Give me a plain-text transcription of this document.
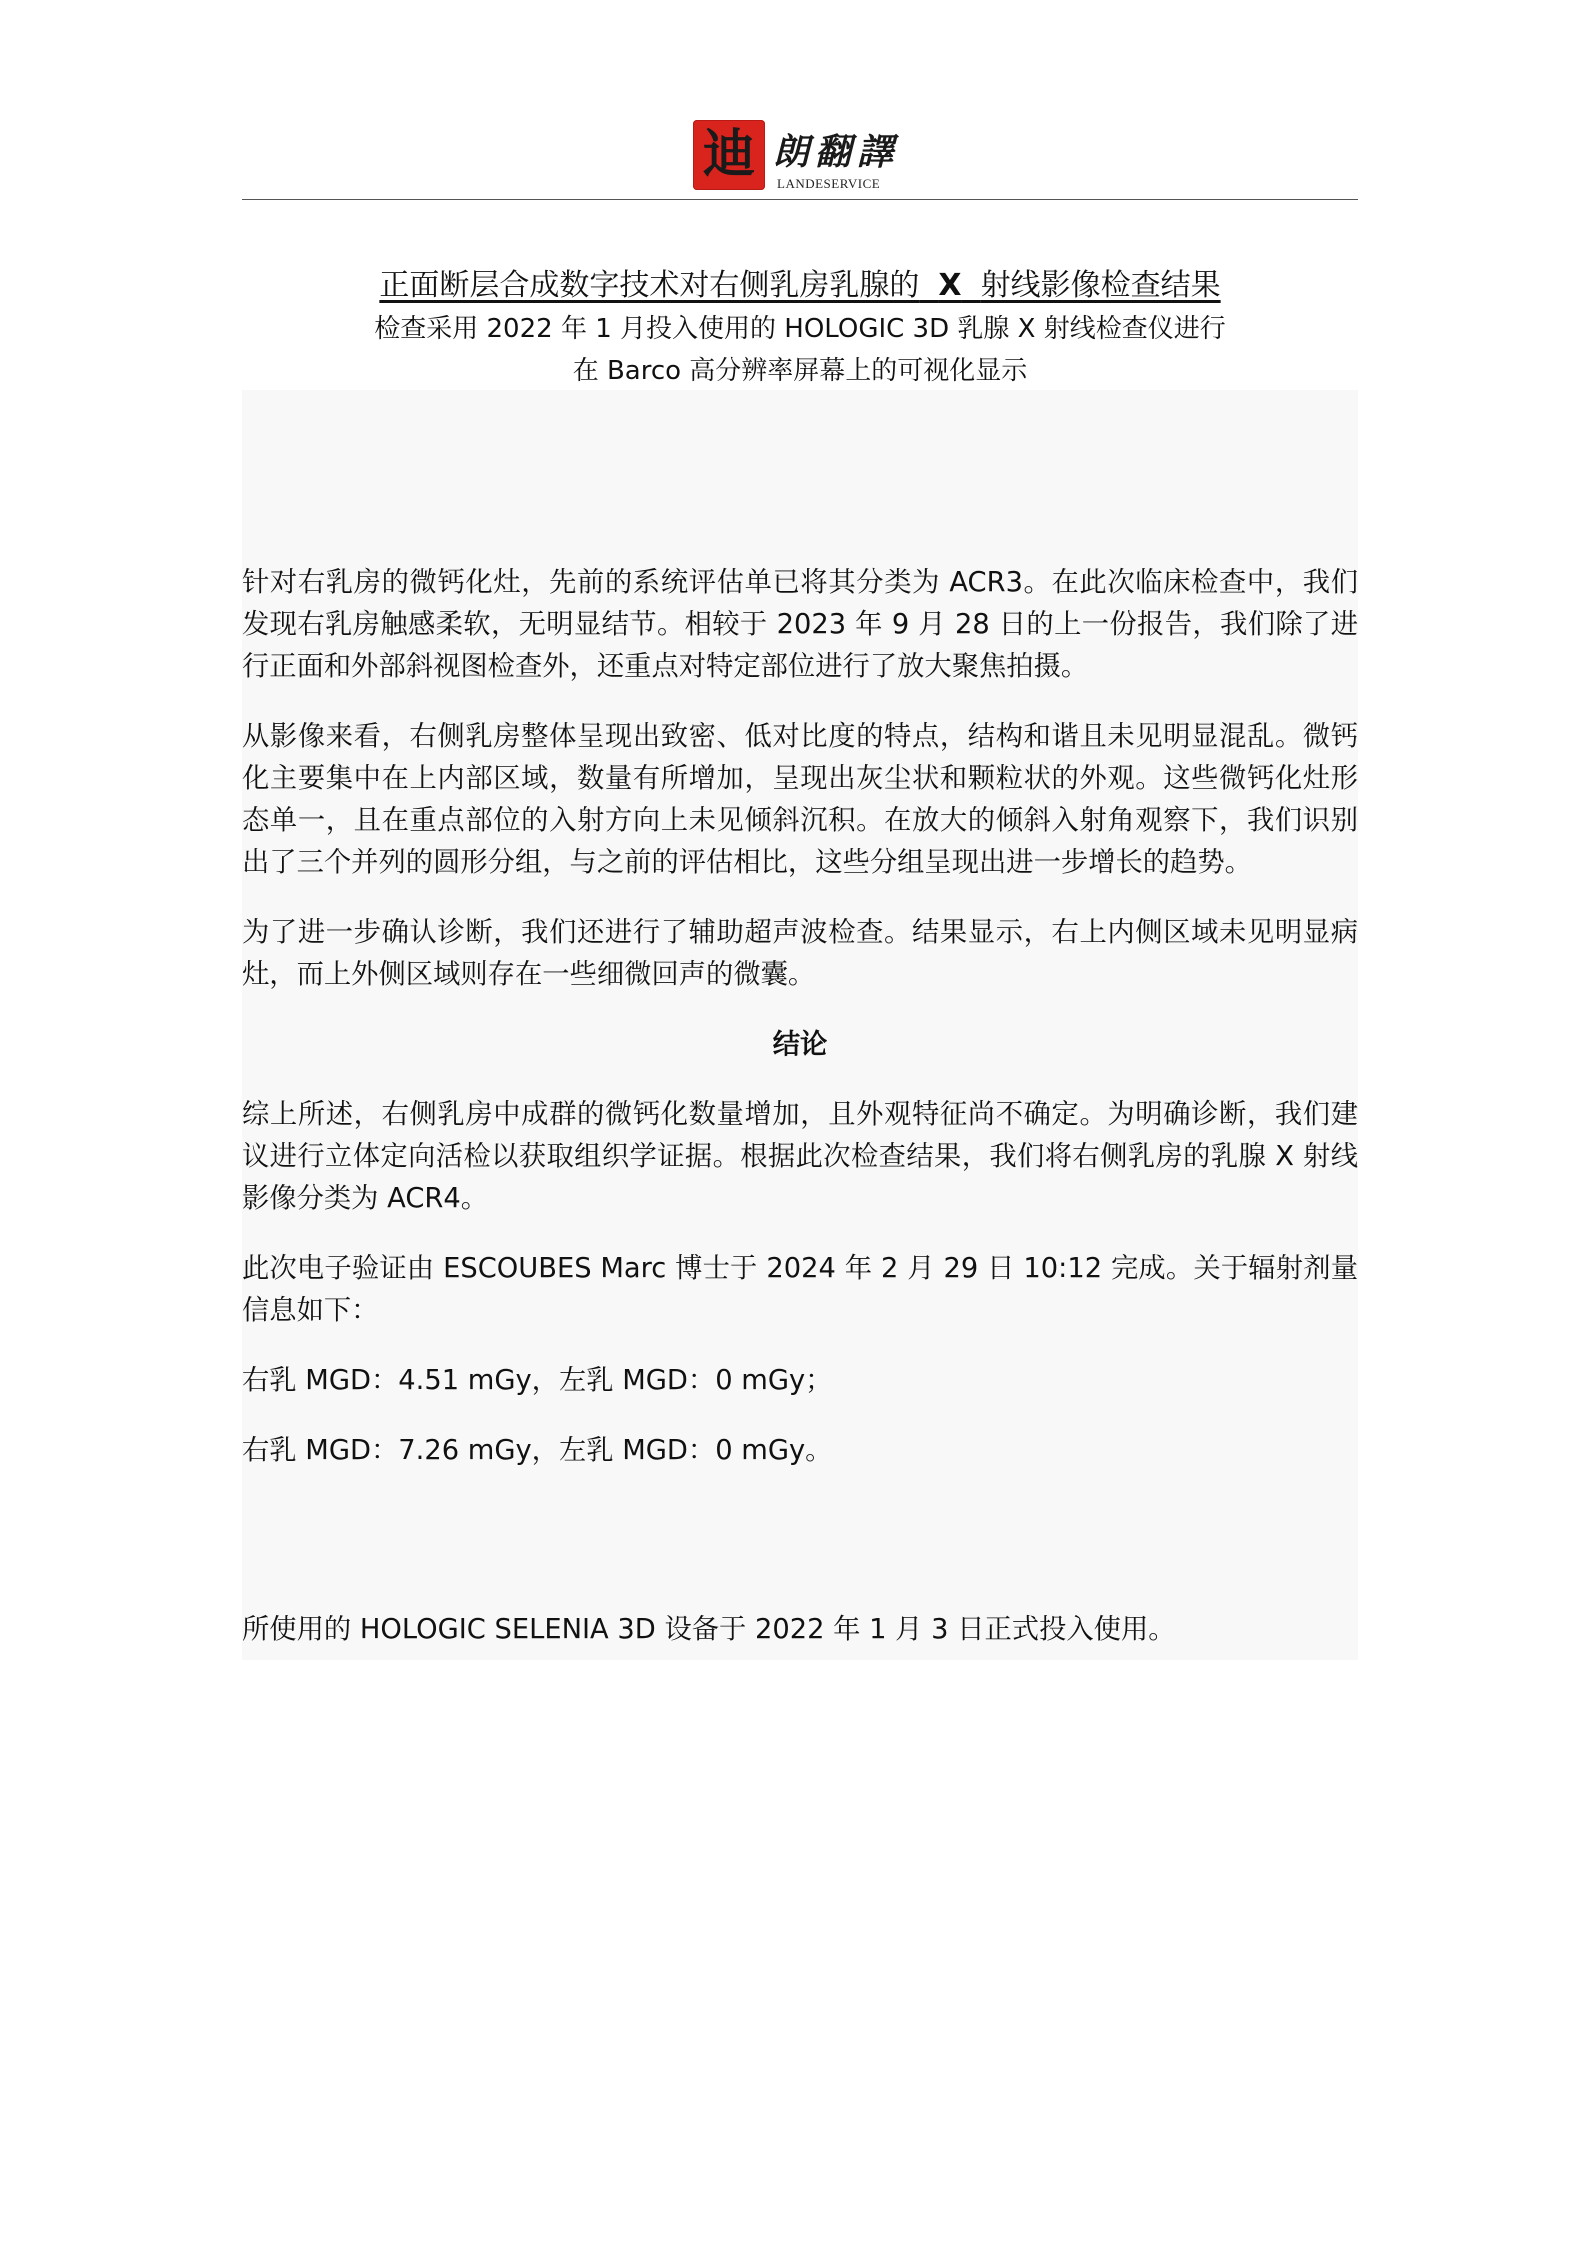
迪 朗翻譯
LANDESERVICE
正面断层合成数字技术对右侧乳房乳腺的 X 射线影像检查结果
检查采用 2022 年 1 月投入使用的 HOLOGIC 3D 乳腺 X 射线检查仪进行
在 Barco 高分辨率屏幕上的可视化显示

针对右乳房的微钙化灶，先前的系统评估单已将其分类为 ACR3。在此次临床检查中，我们发现右乳房触感柔软，无明显结节。相较于 2023 年 9 月 28 日的上一份报告，我们除了进行正面和外部斜视图检查外，还重点对特定部位进行了放大聚焦拍摄。

从影像来看，右侧乳房整体呈现出致密、低对比度的特点，结构和谐且未见明显混乱。微钙化主要集中在上内部区域，数量有所增加，呈现出灰尘状和颗粒状的外观。这些微钙化灶形态单一，且在重点部位的入射方向上未见倾斜沉积。在放大的倾斜入射角观察下，我们识别出了三个并列的圆形分组，与之前的评估相比，这些分组呈现出进一步增长的趋势。

为了进一步确认诊断，我们还进行了辅助超声波检查。结果显示，右上内侧区域未见明显病灶，而上外侧区域则存在一些细微回声的微囊。

结论

综上所述，右侧乳房中成群的微钙化数量增加，且外观特征尚不确定。为明确诊断，我们建议进行立体定向活检以获取组织学证据。根据此次检查结果，我们将右侧乳房的乳腺 X 射线影像分类为 ACR4。

此次电子验证由 ESCOUBES Marc 博士于 2024 年 2 月 29 日 10:12 完成。关于辐射剂量信息如下：

右乳 MGD：4.51 mGy，左乳 MGD：0 mGy；

右乳 MGD：7.26 mGy，左乳 MGD：0 mGy。

所使用的 HOLOGIC SELENIA 3D 设备于 2022 年 1 月 3 日正式投入使用。
